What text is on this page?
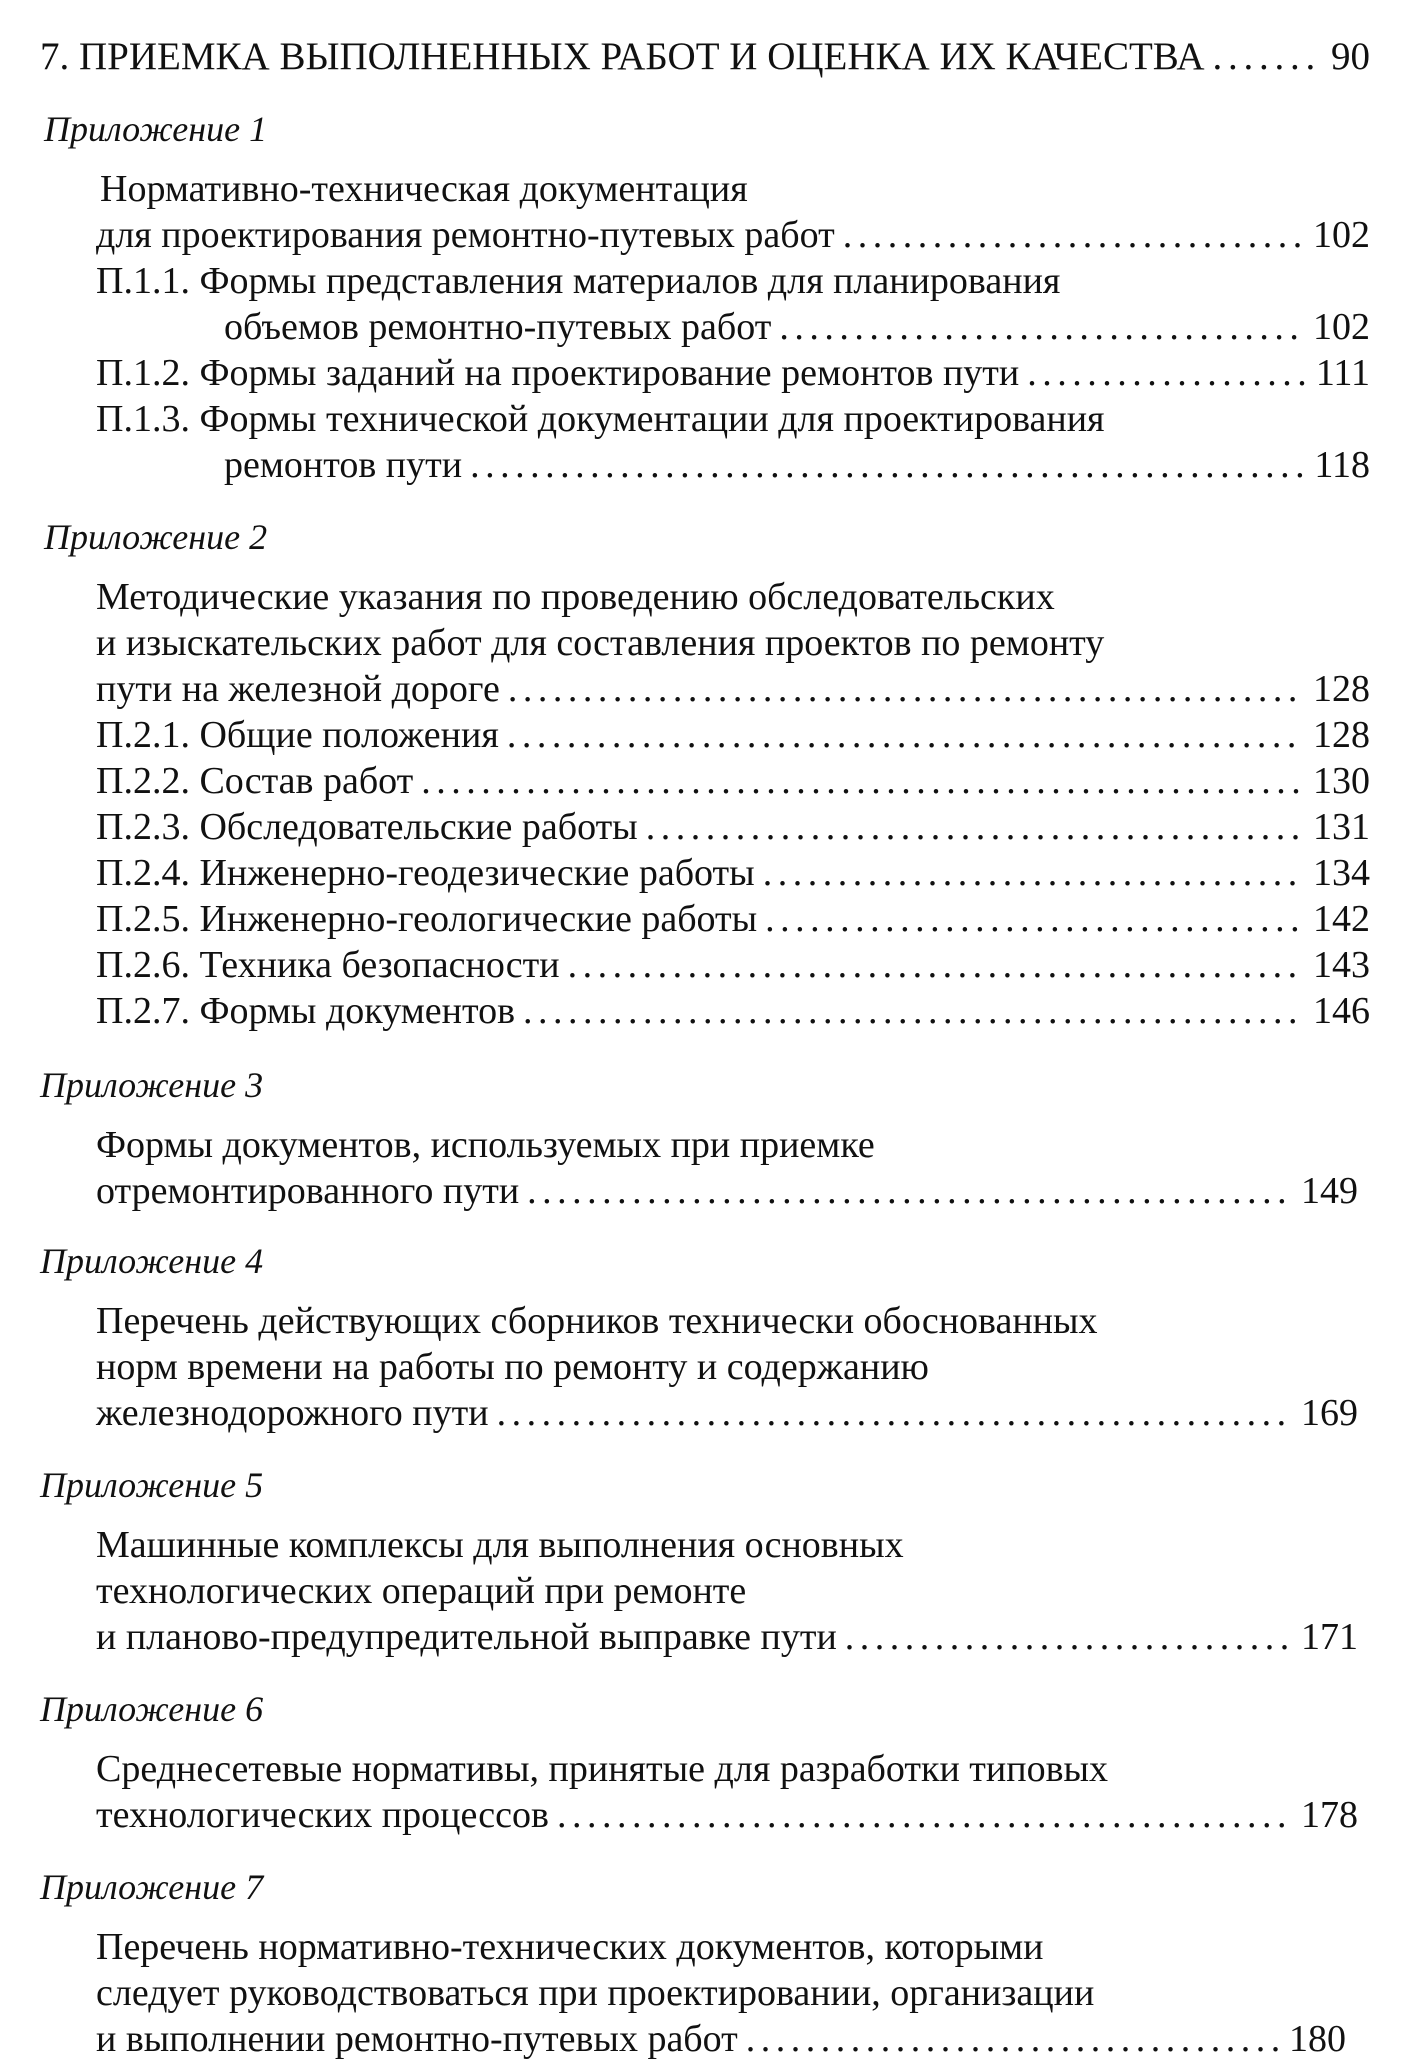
7. ПРИЕМКА ВЫПОЛНЕННЫХ РАБОТ И ОЦЕНКА ИХ КАЧЕСТВА . . .	90
Приложение 1
Нормативно-техническая документация
для проектирования ремонтно-путевых работ . . .	102
П.1.1. Формы представления материалов для планирования
объемов ремонтно-путевых работ . . .	102
П.1.2. Формы заданий на проектирование ремонтов пути . . .	111
П.1.3. Формы технической документации для проектирования
ремонтов пути . . .	118
Приложение 2
Методические указания по проведению обследовательских
и изыскательских работ для составления проектов по ремонту
пути на железной дороге . . .	128
П.2.1. Общие положения . . .	128
П.2.2. Состав работ . . .	130
П.2.3. Обследовательские работы . . .	131
П.2.4. Инженерно-геодезические работы . . .	134
П.2.5. Инженерно-геологические работы . . .	142
П.2.6. Техника безопасности . . .	143
П.2.7. Формы документов . . .	146
Приложение 3
Формы документов, используемых при приемке
отремонтированного пути . . .	149
Приложение 4
Перечень действующих сборников технически обоснованных
норм времени на работы по ремонту и содержанию
железнодорожного пути . . .	169
Приложение 5
Машинные комплексы для выполнения основных
технологических операций при ремонте
и планово-предупредительной выправке пути . . .	171
Приложение 6
Среднесетевые нормативы, принятые для разработки типовых
технологических процессов . . .	178
Приложение 7
Перечень нормативно-технических документов, которыми
следует руководствоваться при проектировании, организации
и выполнении ремонтно-путевых работ . . .	180
